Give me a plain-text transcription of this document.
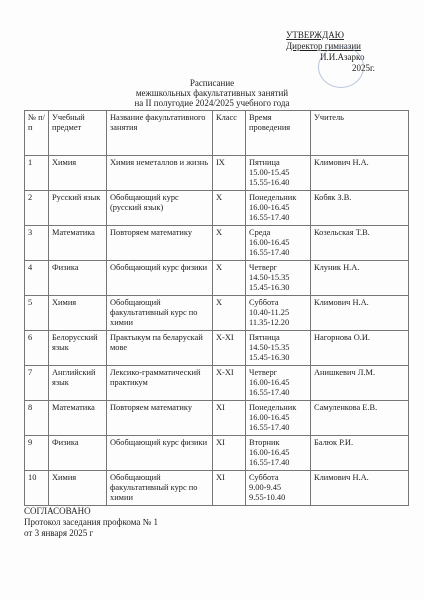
УТВЕРЖДАЮ
Директор гимназии
И.И.Азарко
2025г.
Расписание
межшкольных факультативных занятий
на II полугодие 2024/2025 учебного года
№ п/п	Учебный предмет	Название факультативного занятия	Класс	Время проведения	Учитель
1	Химия	Химия неметаллов и жизнь	IX	Пятница
15.00-15.45
15.55-16.40	Климович Н.А.
2	Русский язык	Обобщающий курс (русский язык)	X	Понедельник
16.00-16.45
16.55-17.40	Кобяк З.В.
3	Математика	Повторяем математику	X	Среда
16.00-16.45
16.55-17.40	Козельская Т.В.
4	Физика	Обобщающий курс физики	X	Четверг
14.50-15.35
15.45-16.30	Клуник Н.А.
5	Химия	Обобщающий факультативный курс по химии	X	Суббота
10.40-11.25
11.35-12.20	Климович Н.А.
6	Белорусский язык	Практыкум па беларускай мове	X-XI	Пятница
14.50-15.35
15.45-16.30	Нагорнова О.И.
7	Английский язык	Лексико-грамматический практикум	X-XI	Четверг
16.00-16.45
16.55-17.40	Анишкевич Л.М.
8	Математика	Повторяем математику	XI	Понедельник
16.00-16.45
16.55-17.40	Самуленкова Е.В.
9	Физика	Обобщающий курс физики	XI	Вторник
16.00-16.45
16.55-17.40	Балюк Р.И.
10	Химия	Обобщающий факультативный курс по химии	XI	Суббота
9.00-9.45
9.55-10.40	Климович Н.А.
СОГЛАСОВАНО
Протокол заседания профкома № 1
от 3 января 2025 г
